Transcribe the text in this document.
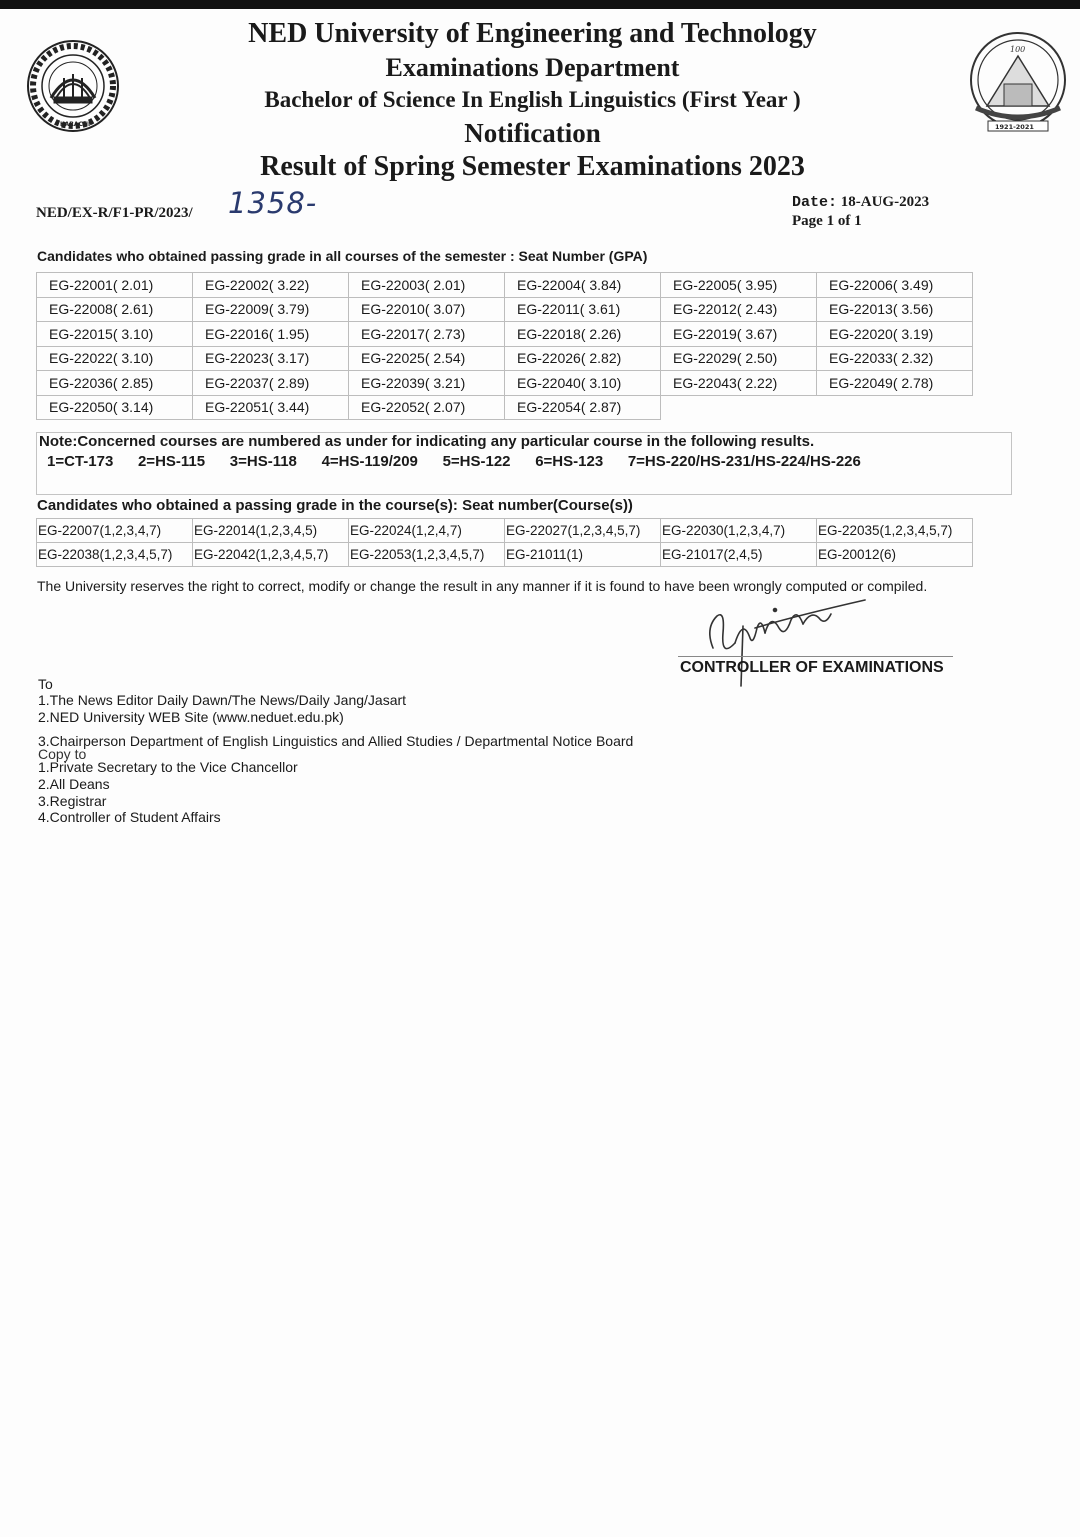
KARACHI
100
1921-2021
NED University of Engineering and Technology
Examinations Department
Bachelor of Science In English Linguistics (First Year )
Notification
Result of Spring Semester Examinations 2023
NED/EX-R/F1-PR/2023/ 1358-	Date: 18-AUG-2023
Page 1 of 1
Candidates who obtained passing grade in all courses of the semester : Seat Number (GPA)
EG-22001( 2.01)	EG-22002( 3.22)	EG-22003( 2.01)	EG-22004( 3.84)	EG-22005( 3.95)	EG-22006( 3.49)
EG-22008( 2.61)	EG-22009( 3.79)	EG-22010( 3.07)	EG-22011( 3.61)	EG-22012( 2.43)	EG-22013( 3.56)
EG-22015( 3.10)	EG-22016( 1.95)	EG-22017( 2.73)	EG-22018( 2.26)	EG-22019( 3.67)	EG-22020( 3.19)
EG-22022( 3.10)	EG-22023( 3.17)	EG-22025( 2.54)	EG-22026( 2.82)	EG-22029( 2.50)	EG-22033( 2.32)
EG-22036( 2.85)	EG-22037( 2.89)	EG-22039( 3.21)	EG-22040( 3.10)	EG-22043( 2.22)	EG-22049( 2.78)
EG-22050( 3.14)	EG-22051( 3.44)	EG-22052( 2.07)	EG-22054( 2.87)		
Note:Concerned courses are numbered as under for indicating any particular course in the following results.
1=CT-173    2=HS-115    3=HS-118    4=HS-119/209    5=HS-122    6=HS-123    7=HS-220/HS-231/HS-224/HS-226
Candidates who obtained a passing grade in the course(s): Seat number(Course(s))
EG-22007(1,2,3,4,7)	EG-22014(1,2,3,4,5)	EG-22024(1,2,4,7)	EG-22027(1,2,3,4,5,7)	EG-22030(1,2,3,4,7)	EG-22035(1,2,3,4,5,7)
EG-22038(1,2,3,4,5,7)	EG-22042(1,2,3,4,5,7)	EG-22053(1,2,3,4,5,7)	EG-21011(1)	EG-21017(2,4,5)	EG-20012(6)
The University reserves the right to correct, modify or change the result in any manner if it is found to have been wrongly computed or compiled.
CONTROLLER OF EXAMINATIONS
To
1.The News Editor Daily Dawn/The News/Daily Jang/Jasart
2.NED University WEB Site (www.neduet.edu.pk)
Copy to
3.Chairperson Department of English Linguistics and Allied Studies / Departmental Notice Board
1.Private Secretary to the Vice Chancellor
2.All Deans
3.Registrar
4.Controller of Student Affairs
